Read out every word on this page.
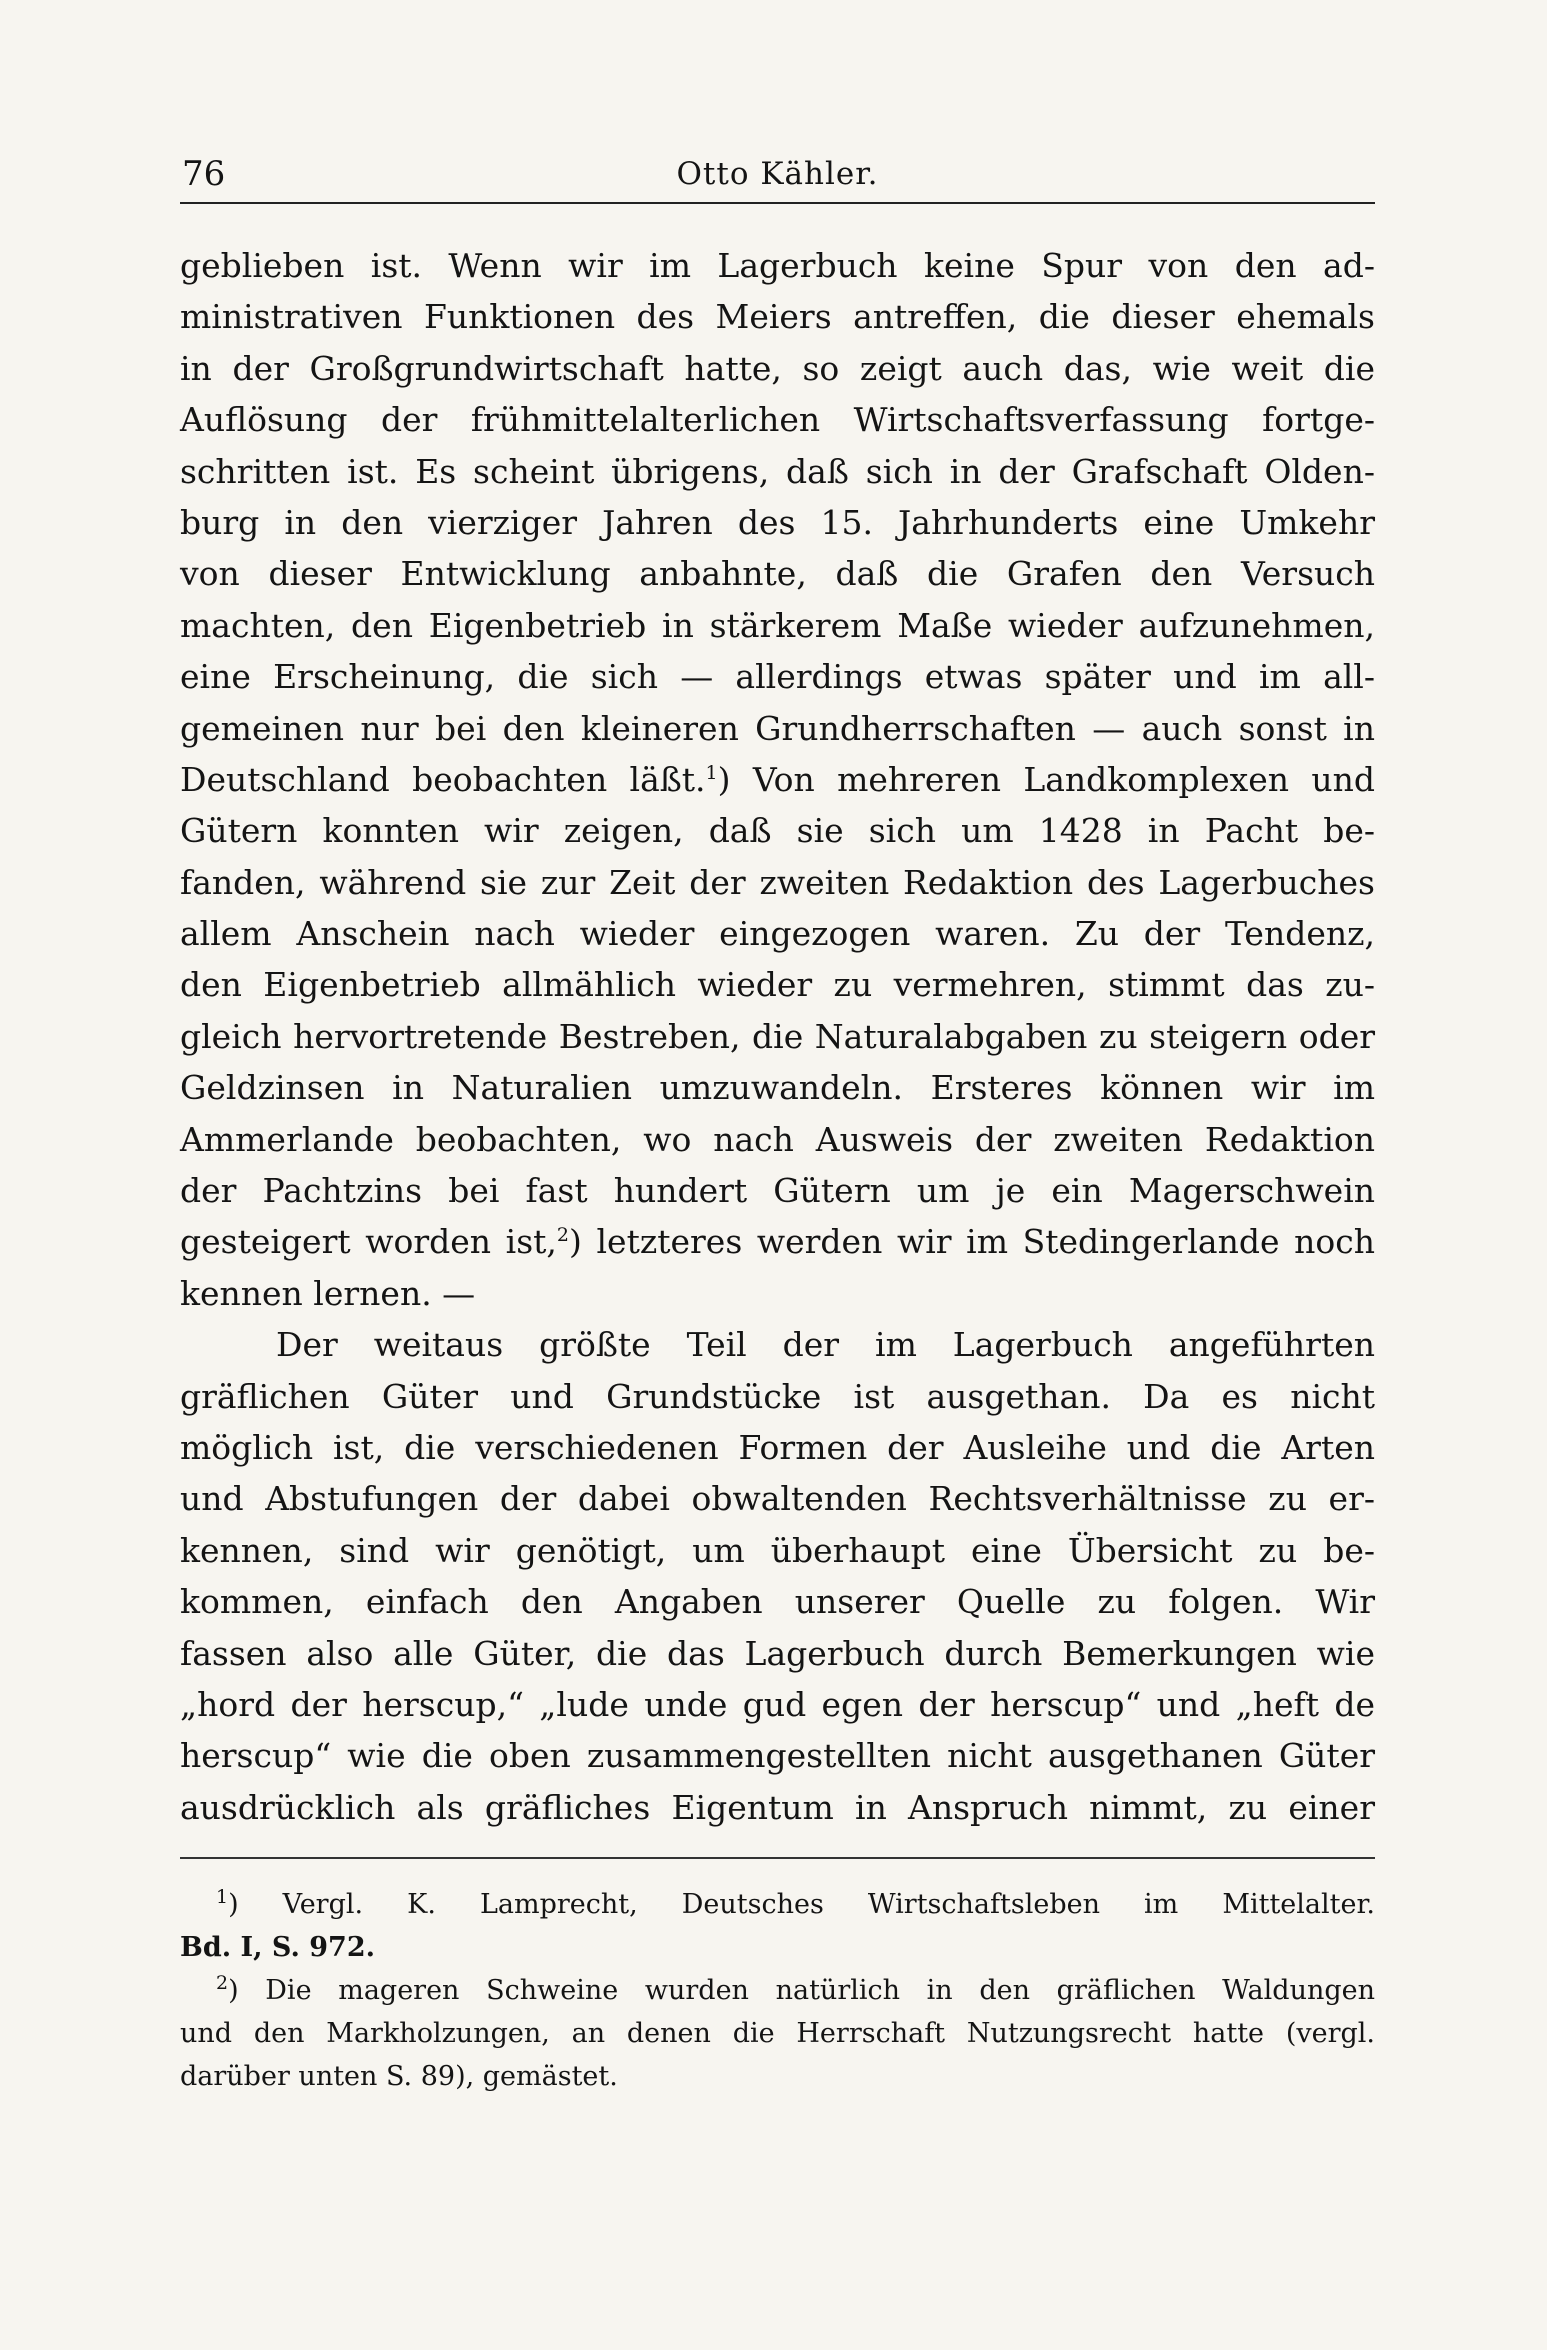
76	Otto Kähler.
geblieben ist. Wenn wir im Lagerbuch keine Spur von den ad-
ministrativen Funktionen des Meiers antreffen, die dieser ehemals
in der Großgrundwirtschaft hatte, so zeigt auch das, wie weit die
Auflösung der frühmittelalterlichen Wirtschaftsverfassung fortge-
schritten ist. Es scheint übrigens, daß sich in der Grafschaft Olden-
burg in den vierziger Jahren des 15. Jahrhunderts eine Umkehr
von dieser Entwicklung anbahnte, daß die Grafen den Versuch
machten, den Eigenbetrieb in stärkerem Maße wieder aufzunehmen,
eine Erscheinung, die sich — allerdings etwas später und im all-
gemeinen nur bei den kleineren Grundherrschaften — auch sonst in
Deutschland beobachten läßt.$^1$) Von mehreren Landkomplexen und
Gütern konnten wir zeigen, daß sie sich um 1428 in Pacht be-
fanden, während sie zur Zeit der zweiten Redaktion des Lagerbuches
allem Anschein nach wieder eingezogen waren. Zu der Tendenz,
den Eigenbetrieb allmählich wieder zu vermehren, stimmt das zu-
gleich hervortretende Bestreben, die Naturalabgaben zu steigern oder
Geldzinsen in Naturalien umzuwandeln. Ersteres können wir im
Ammerlande beobachten, wo nach Ausweis der zweiten Redaktion
der Pachtzins bei fast hundert Gütern um je ein Magerschwein
gesteigert worden ist,$^2$) letzteres werden wir im Stedingerlande noch
kennen lernen. —
Der weitaus größte Teil der im Lagerbuch angeführten
gräflichen Güter und Grundstücke ist ausgethan. Da es nicht
möglich ist, die verschiedenen Formen der Ausleihe und die Arten
und Abstufungen der dabei obwaltenden Rechtsverhältnisse zu er-
kennen, sind wir genötigt, um überhaupt eine Übersicht zu be-
kommen, einfach den Angaben unserer Quelle zu folgen. Wir
fassen also alle Güter, die das Lagerbuch durch Bemerkungen wie
„hord der herscup,“ „lude unde gud egen der herscup“ und „heft de
herscup“ wie die oben zusammengestellten nicht ausgethanen Güter
ausdrücklich als gräfliches Eigentum in Anspruch nimmt, zu einer
$^1$) Vergl. K. Lamprecht, Deutsches Wirtschaftsleben im Mittelalter.
Bd. I, S. 972.
$^2$) Die mageren Schweine wurden natürlich in den gräflichen Waldungen
und den Markholzungen, an denen die Herrschaft Nutzungsrecht hatte (vergl.
darüber unten S. 89), gemästet.
